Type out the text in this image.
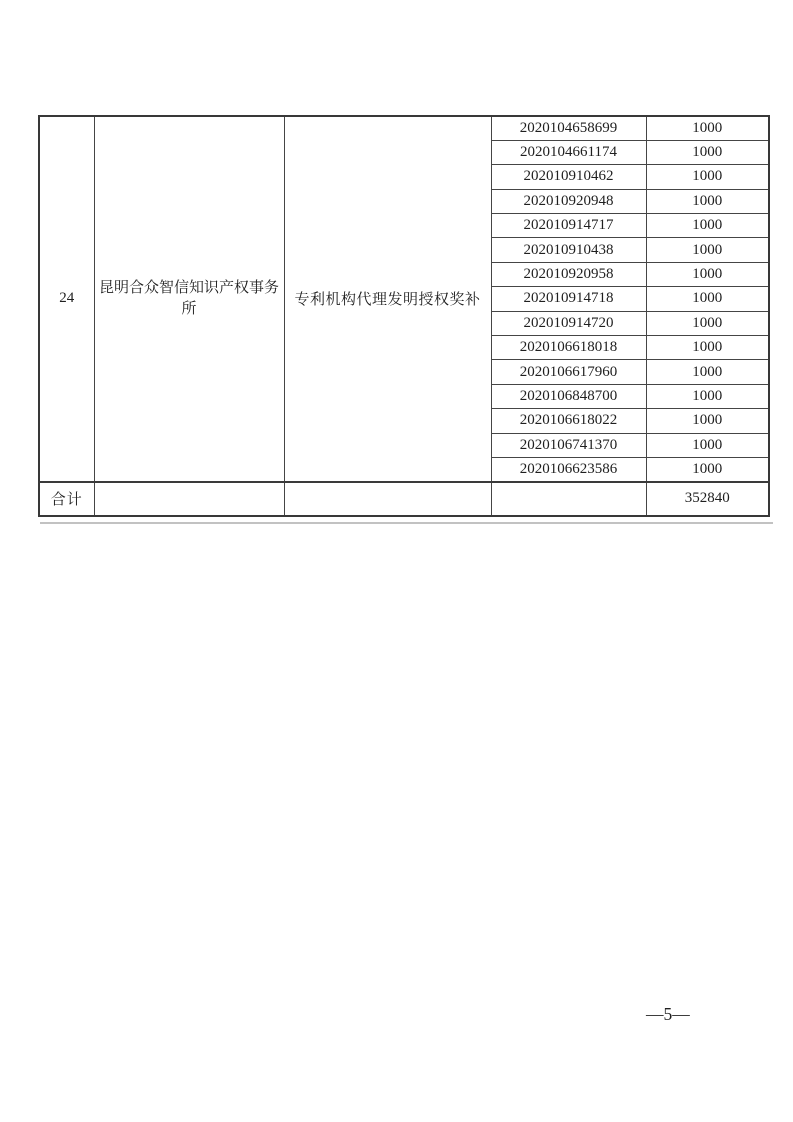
24	昆明合众智信知识产权事务所	专利机构代理发明授权奖补	2020104658699	1000
			2020104661174	1000
			202010910462	1000
			202010920948	1000
			202010914717	1000
			202010910438	1000
			202010920958	1000
			202010914718	1000
			202010914720	1000
			2020106618018	1000
			2020106617960	1000
			2020106848700	1000
			2020106618022	1000
			2020106741370	1000
			2020106623586	1000
合计				352840
—5—
